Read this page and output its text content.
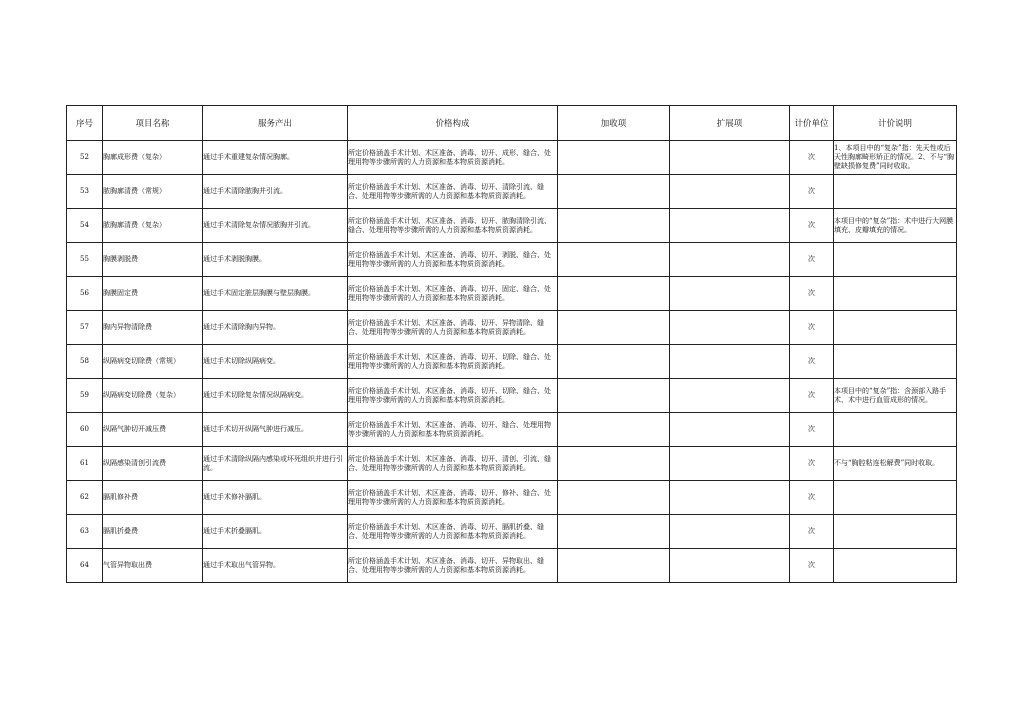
序号	项目名称	服务产出	价格构成	加收项	扩展项	计价单位	计价说明
52	胸廓成形费（复杂）	通过手术重建复杂情况胸廓。	所定价格涵盖手术计划、术区准备、消毒、切开、成形、缝合、处理用物等步骤所需的人力资源和基本物质资源消耗。			次	1、本项目中的“复杂”指：先天性或后天性胸廓畸形矫正的情况。2、不与“胸壁缺损修复费”同时收取。
53	脓胸廓清费（常规）	通过手术清除脓胸并引流。	所定价格涵盖手术计划、术区准备、消毒、切开、清除引流、缝合、处理用物等步骤所需的人力资源和基本物质资源消耗。			次	
54	脓胸廓清费（复杂）	通过手术清除复杂情况脓胸并引流。	所定价格涵盖手术计划、术区准备、消毒、切开、脓胸清除引流、缝合、处理用物等步骤所需的人力资源和基本物质资源消耗。			次	本项目中的“复杂”指：术中进行大网膜填充、皮瓣填充的情况。
55	胸膜剥脱费	通过手术剥脱胸膜。	所定价格涵盖手术计划、术区准备、消毒、切开、剥脱、缝合、处理用物等步骤所需的人力资源和基本物质资源消耗。			次	
56	胸膜固定费	通过手术固定脏层胸膜与壁层胸膜。	所定价格涵盖手术计划、术区准备、消毒、切开、固定、缝合、处理用物等步骤所需的人力资源和基本物质资源消耗。			次	
57	胸内异物清除费	通过手术清除胸内异物。	所定价格涵盖手术计划、术区准备、消毒、切开、异物清除、缝合、处理用物等步骤所需的人力资源和基本物质资源消耗。			次	
58	纵隔病变切除费（常规）	通过手术切除纵隔病变。	所定价格涵盖手术计划、术区准备、消毒、切开、切除、缝合、处理用物等步骤所需的人力资源和基本物质资源消耗。			次	
59	纵隔病变切除费（复杂）	通过手术切除复杂情况纵隔病变。	所定价格涵盖手术计划、术区准备、消毒、切开、切除、缝合、处理用物等步骤所需的人力资源和基本物质资源消耗。			次	本项目中的“复杂”指：含颈部入路手术、术中进行血管成形的情况。
60	纵隔气肿切开减压费	通过手术切开纵隔气肿进行减压。	所定价格涵盖手术计划、术区准备、消毒、切开、缝合、处理用物等步骤所需的人力资源和基本物质资源消耗。			次	
61	纵隔感染清创引流费	通过手术清除纵隔内感染或坏死组织并进行引流。	所定价格涵盖手术计划、术区准备、消毒、切开、清创、引流、缝合、处理用物等步骤所需的人力资源和基本物质资源消耗。			次	不与“胸腔粘连松解费”同时收取。
62	膈肌修补费	通过手术修补膈肌。	所定价格涵盖手术计划、术区准备、消毒、切开、修补、缝合、处理用物等步骤所需的人力资源和基本物质资源消耗。			次	
63	膈肌折叠费	通过手术折叠膈肌。	所定价格涵盖手术计划、术区准备、消毒、切开、膈肌折叠、缝合、处理用物等步骤所需的人力资源和基本物质资源消耗。			次	
64	气管异物取出费	通过手术取出气管异物。	所定价格涵盖手术计划、术区准备、消毒、切开、异物取出、缝合、处理用物等步骤所需的人力资源和基本物质资源消耗。			次	
